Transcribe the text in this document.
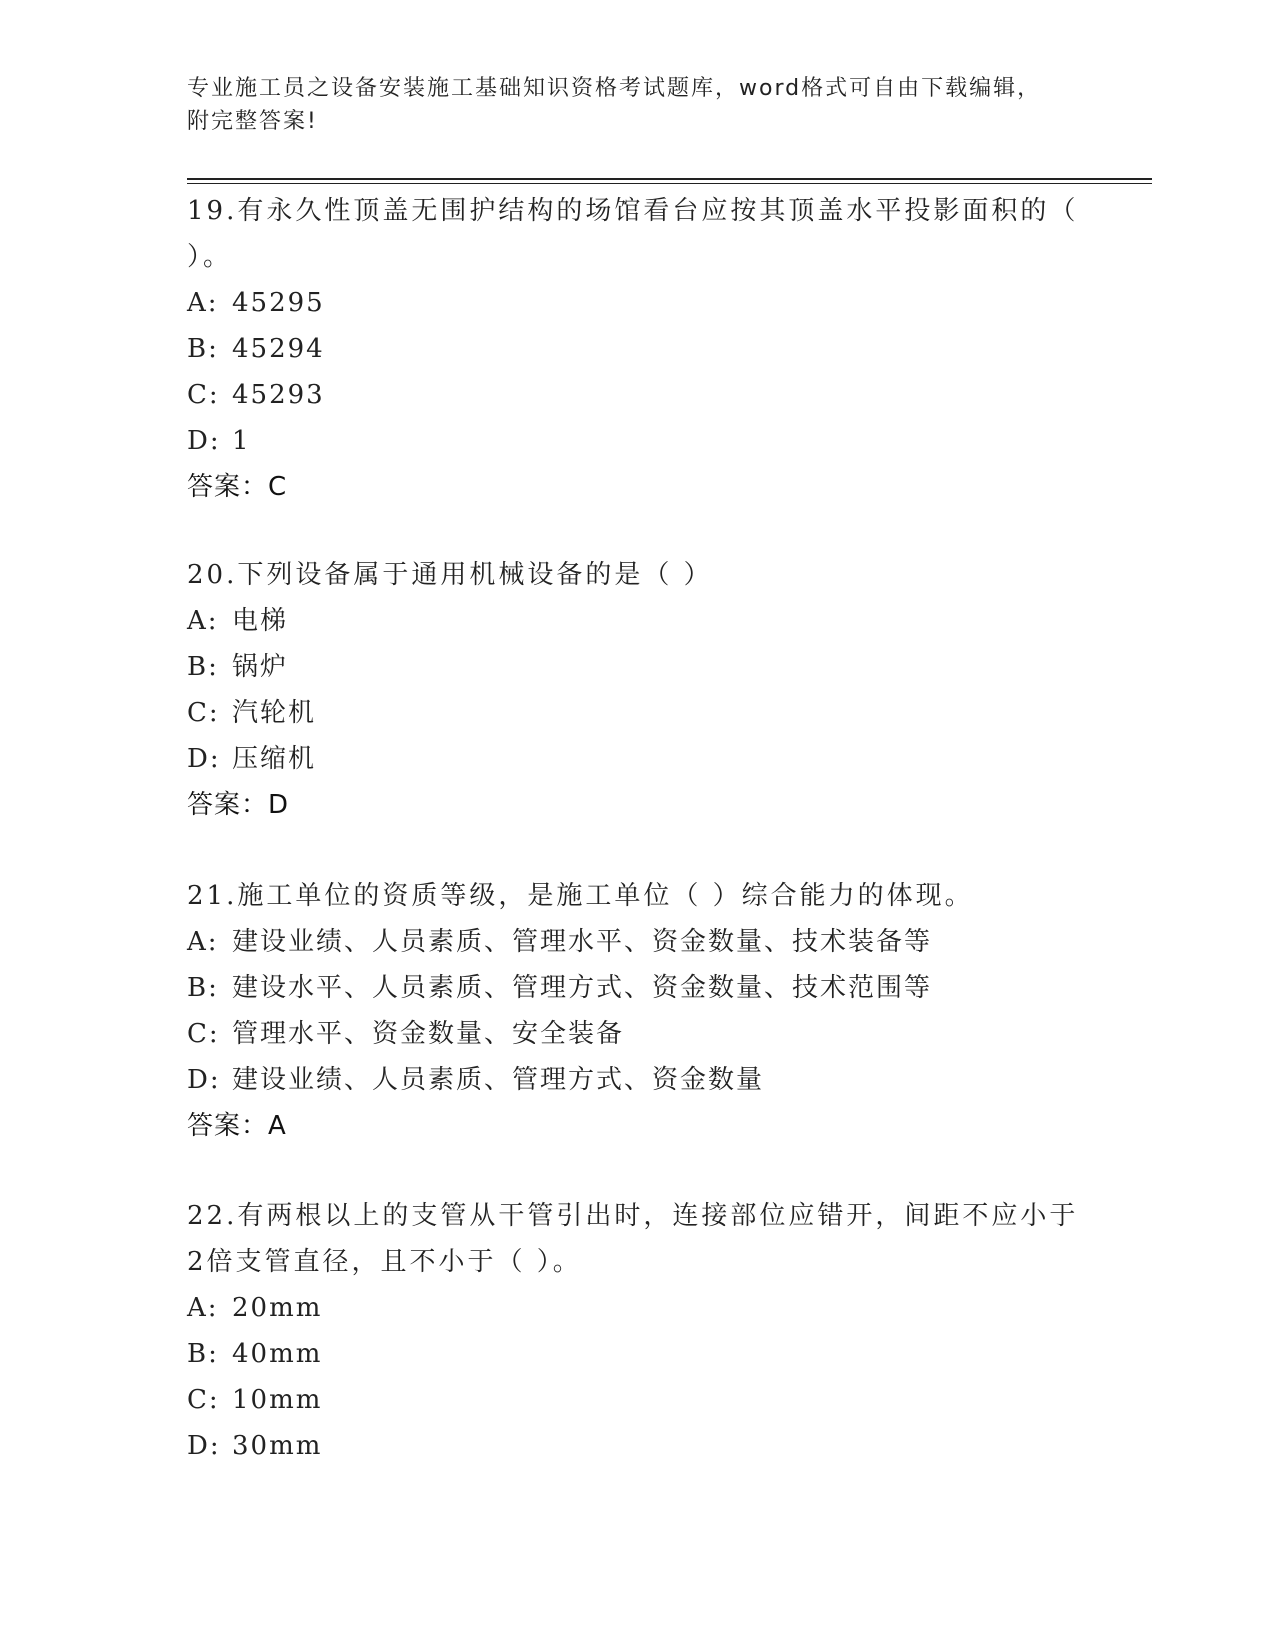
专业施工员之设备安装施工基础知识资格考试题库，word格式可自由下载编辑，
附完整答案!

19.有永久性顶盖无围护结构的场馆看台应按其顶盖水平投影面积的（
）。

A: 45295

B: 45294

C: 45293

D: 1

答案：C

20.下列设备属于通用机械设备的是（ ）

A: 电梯

B: 锅炉

C: 汽轮机

D: 压缩机

答案：D

21.施工单位的资质等级，是施工单位（ ）综合能力的体现。

A: 建设业绩、人员素质、管理水平、资金数量、技术装备等

B: 建设水平、人员素质、管理方式、资金数量、技术范围等

C: 管理水平、资金数量、安全装备

D: 建设业绩、人员素质、管理方式、资金数量

答案：A

22.有两根以上的支管从干管引出时，连接部位应错开，间距不应小于
2倍支管直径，且不小于（ ）。

A: 20mm

B: 40mm

C: 10mm

D: 30mm
